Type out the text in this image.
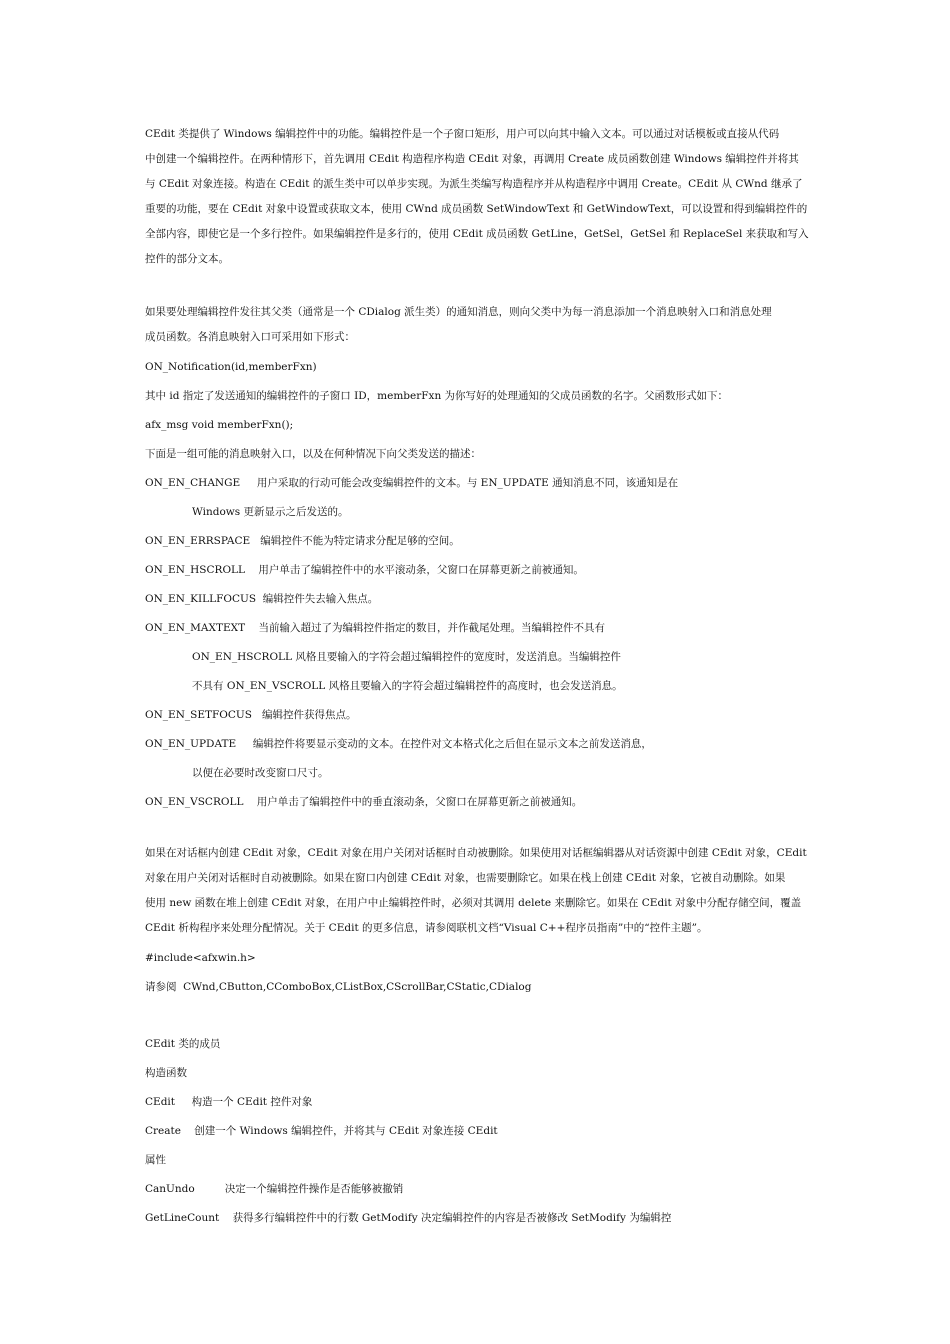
CEdit 类提供了 Windows 编辑控件中的功能。编辑控件是一个子窗口矩形，用户可以向其中输入文本。可以通过对话模板或直接从代码

中创建一个编辑控件。在两种情形下，首先调用 CEdit 构造程序构造 CEdit 对象，再调用 Create 成员函数创建 Windows 编辑控件并将其

与 CEdit 对象连接。构造在 CEdit 的派生类中可以单步实现。为派生类编写构造程序并从构造程序中调用 Create。CEdit 从 CWnd 继承了

重要的功能，要在 CEdit 对象中设置或获取文本，使用 CWnd 成员函数 SetWindowText 和 GetWindowText，可以设置和得到编辑控件的

全部内容，即使它是一个多行控件。如果编辑控件是多行的，使用 CEdit 成员函数 GetLine，GetSel，GetSel 和 ReplaceSel 来获取和写入

控件的部分文本。

如果要处理编辑控件发往其父类（通常是一个 CDialog 派生类）的通知消息，则向父类中为每一消息添加一个消息映射入口和消息处理

成员函数。各消息映射入口可采用如下形式：

ON_Notification(id,memberFxn)

其中 id 指定了发送通知的编辑控件的子窗口 ID，memberFxn 为你写好的处理通知的父成员函数的名字。父函数形式如下：

afx_msg void memberFxn();

下面是一组可能的消息映射入口，以及在何种情况下向父类发送的描述：

ON_EN_CHANGE     用户采取的行动可能会改变编辑控件的文本。与 EN_UPDATE 通知消息不同，该通知是在

Windows 更新显示之后发送的。

ON_EN_ERRSPACE   编辑控件不能为特定请求分配足够的空间。

ON_EN_HSCROLL    用户单击了编辑控件中的水平滚动条，父窗口在屏幕更新之前被通知。

ON_EN_KILLFOCUS  编辑控件失去输入焦点。

ON_EN_MAXTEXT    当前输入超过了为编辑控件指定的数目，并作截尾处理。当编辑控件不具有

ON_EN_HSCROLL 风格且要输入的字符会超过编辑控件的宽度时，发送消息。当编辑控件

不具有 ON_EN_VSCROLL 风格且要输入的字符会超过编辑控件的高度时，也会发送消息。

ON_EN_SETFOCUS   编辑控件获得焦点。

ON_EN_UPDATE     编辑控件将要显示变动的文本。在控件对文本格式化之后但在显示文本之前发送消息，

以便在必要时改变窗口尺寸。

ON_EN_VSCROLL    用户单击了编辑控件中的垂直滚动条，父窗口在屏幕更新之前被通知。

如果在对话框内创建 CEdit 对象，CEdit 对象在用户关闭对话框时自动被删除。如果使用对话框编辑器从对话资源中创建 CEdit 对象，CEdit

对象在用户关闭对话框时自动被删除。如果在窗口内创建 CEdit 对象，也需要删除它。如果在栈上创建 CEdit 对象，它被自动删除。如果

使用 new 函数在堆上创建 CEdit 对象，在用户中止编辑控件时，必须对其调用 delete 来删除它。如果在 CEdit 对象中分配存储空间，覆盖

CEdit 析构程序来处理分配情况。关于 CEdit 的更多信息，请参阅联机文档“Visual C++程序员指南”中的“控件主题”。

#include<afxwin.h>

请参阅  CWnd,CButton,CComboBox,CListBox,CScrollBar,CStatic,CDialog

CEdit 类的成员

构造函数

CEdit     构造一个 CEdit 控件对象

Create    创建一个 Windows 编辑控件，并将其与 CEdit 对象连接 CEdit

属性

CanUndo         决定一个编辑控件操作是否能够被撤销

GetLineCount    获得多行编辑控件中的行数 GetModify 决定编辑控件的内容是否被修改 SetModify 为编辑控
